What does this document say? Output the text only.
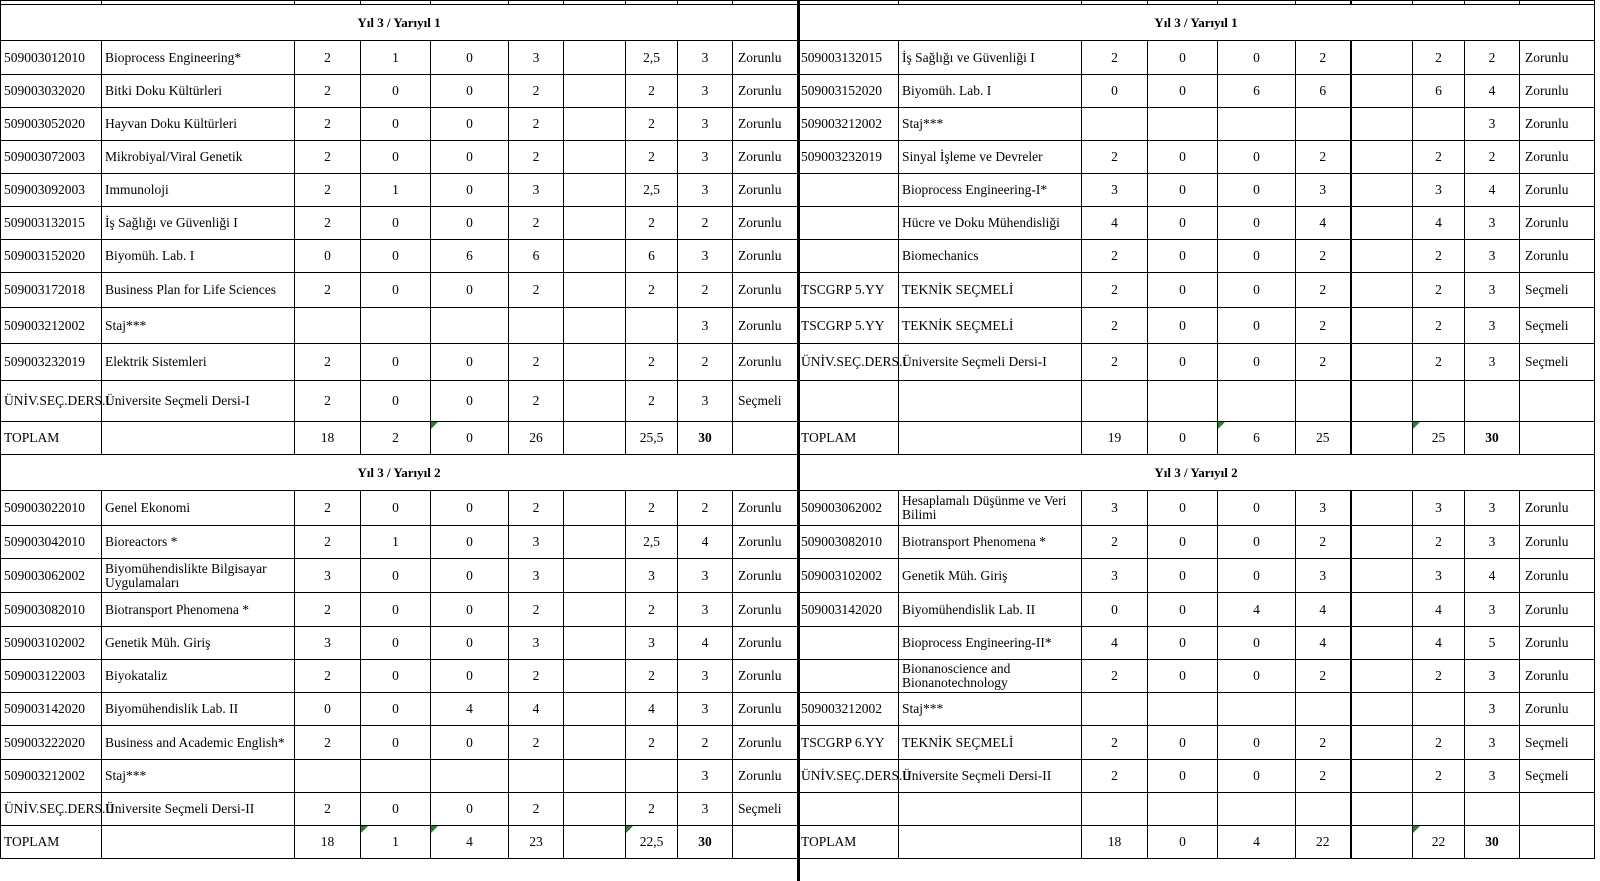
Yıl 3 / Yarıyıl 1									
509003012010	Bioprocess Engineering*	2	1	0	3		2,5	3	Zorunlu
509003032020	Bitki Doku Kültürleri	2	0	0	2		2	3	Zorunlu
509003052020	Hayvan Doku Kültürleri	2	0	0	2		2	3	Zorunlu
509003072003	Mikrobiyal/Viral Genetik	2	0	0	2		2	3	Zorunlu
509003092003	Immunoloji	2	1	0	3		2,5	3	Zorunlu
509003132015	İş Sağlığı ve Güvenliği I	2	0	0	2		2	2	Zorunlu
509003152020	Biyomüh. Lab. I	0	0	6	6		6	3	Zorunlu
509003172018	Business Plan for Life Sciences	2	0	0	2		2	2	Zorunlu
509003212002	Staj***							3	Zorunlu
509003232019	Elektrik Sistemleri	2	0	0	2		2	2	Zorunlu
ÜNİV.SEÇ.DERS.I	Üniversite Seçmeli Dersi-I	2	0	0	2		2	3	Seçmeli
TOPLAM		18	2	0	26		25,5	30	
Yıl 3 / Yarıyıl 2									
509003022010	Genel Ekonomi	2	0	0	2		2	2	Zorunlu
509003042010	Bioreactors *	2	1	0	3		2,5	4	Zorunlu
509003062002	Biyomühendislikte Bilgisayar Uygulamaları	3	0	0	3		3	3	Zorunlu
509003082010	Biotransport Phenomena *	2	0	0	2		2	3	Zorunlu
509003102002	Genetik Müh. Giriş	3	0	0	3		3	4	Zorunlu
509003122003	Biyokataliz	2	0	0	2		2	3	Zorunlu
509003142020	Biyomühendislik Lab. II	0	0	4	4		4	3	Zorunlu
509003222020	Business and Academic English*	2	0	0	2		2	2	Zorunlu
509003212002	Staj***							3	Zorunlu
ÜNİV.SEÇ.DERS.II	Üniversite Seçmeli Dersi-II	2	0	0	2		2	3	Seçmeli
TOPLAM		18	1	4	23		22,5	30	

Yıl 3 / Yarıyıl 1									
509003132015	İş Sağlığı ve Güvenliği I	2	0	0	2		2	2	Zorunlu
509003152020	Biyomüh. Lab. I	0	0	6	6		6	4	Zorunlu
509003212002	Staj***							3	Zorunlu
509003232019	Sinyal İşleme ve Devreler	2	0	0	2		2	2	Zorunlu
	Bioprocess Engineering-I*	3	0	0	3		3	4	Zorunlu
	Hücre ve Doku Mühendisliği	4	0	0	4		4	3	Zorunlu
	Biomechanics	2	0	0	2		2	3	Zorunlu
TSCGRP 5.YY	TEKNİK SEÇMELİ	2	0	0	2		2	3	Seçmeli
TSCGRP 5.YY	TEKNİK SEÇMELİ	2	0	0	2		2	3	Seçmeli
ÜNİV.SEÇ.DERS.I	Üniversite Seçmeli Dersi-I	2	0	0	2		2	3	Seçmeli

TOPLAM		19	0	6	25		25	30	
Yıl 3 / Yarıyıl 2									
509003062002	Hesaplamalı Düşünme ve Veri Bilimi	3	0	0	3		3	3	Zorunlu
509003082010	Biotransport Phenomena *	2	0	0	2		2	3	Zorunlu
509003102002	Genetik Müh. Giriş	3	0	0	3		3	4	Zorunlu
509003142020	Biyomühendislik Lab. II	0	0	4	4		4	3	Zorunlu
	Bioprocess Engineering-II*	4	0	0	4		4	5	Zorunlu
	Bionanoscience and Bionanotechnology	2	0	0	2		2	3	Zorunlu
509003212002	Staj***							3	Zorunlu
TSCGRP 6.YY	TEKNİK SEÇMELİ	2	0	0	2		2	3	Seçmeli
ÜNİV.SEÇ.DERS.II	Üniversite Seçmeli Dersi-II	2	0	0	2		2	3	Seçmeli

TOPLAM		18	0	4	22		22	30	
